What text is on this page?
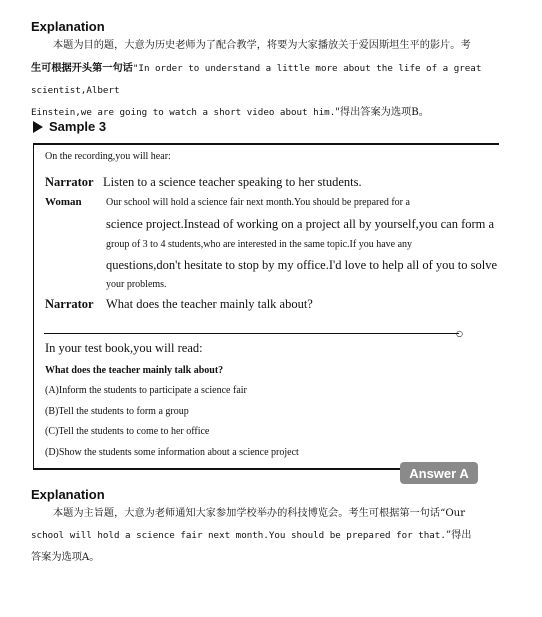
Explanation

本题为目的题，大意为历史老师为了配合教学，将要为大家播放关于爱因斯坦生平的影片。考

生可根据开头第一句话"In order to understand a little more about the life of a great scientist,Albert

Einstein,we are going to watch a short video about him."得出答案为选项B。

Sample 3
On the recording,you will hear:
Narrator Listen to a science teacher speaking to her students.
Woman Our school will hold a science fair next month.You should be prepared for a
science project.Instead of working on a project all by yourself,you can form a
group of 3 to 4 students,who are interested in the same topic.If you have any
questions,don't hesitate to stop by my office.I'd love to help all of you to solve
your problems.
Narrator What does the teacher mainly talk about?
○
In your test book,you will read:
What does the teacher mainly talk about?
(A)Inform the students to participate a science fair
(B)Tell the students to form a group
(C)Tell the students to come to her office
(D)Show the students some information about a science project
Answer A
Explanation

本题为主旨题，大意为老师通知大家参加学校举办的科技博览会。考生可根据第一句话“Our

school will hold a science fair next month.You should be prepared for that.”得出

答案为选项A。
